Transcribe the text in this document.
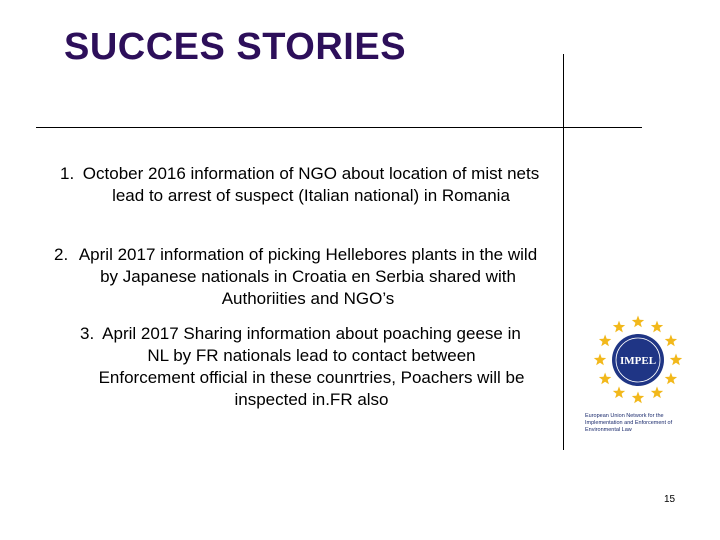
SUCCES STORIES
1. October 2016 information of NGO about location of mist nets lead to arrest of suspect (Italian national) in Romania
2. April 2017 information of picking Hellebores plants in the wild by Japanese nationals in Croatia en Serbia shared with Authoriities and NGO’s
3. April 2017 Sharing information about poaching geese in NL by FR nationals lead to contact between Enforcement official in these counrtries, Poachers will be inspected in.FR also
IMPEL
European Union Network for the Implementation and Enforcement of Environmental Law
15
